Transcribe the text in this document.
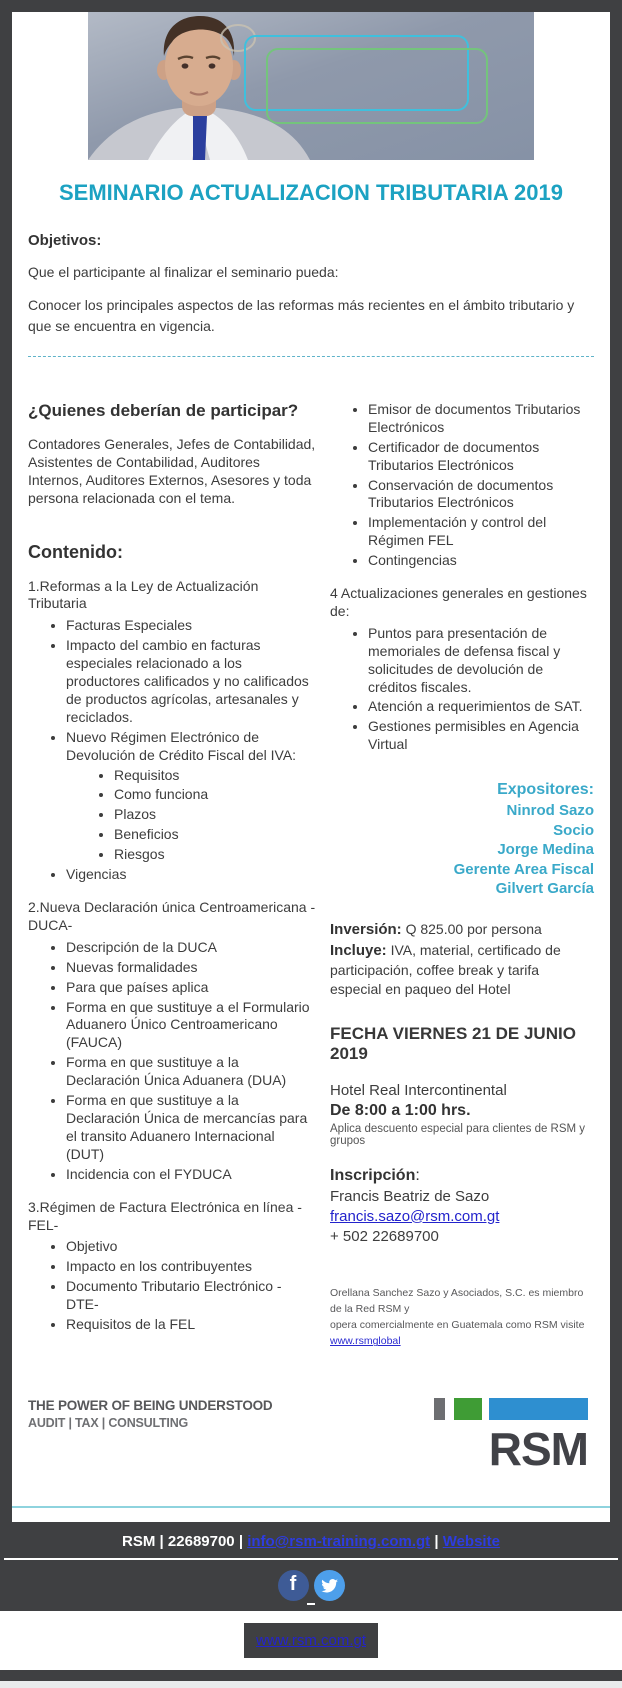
SEMINARIO ACTUALIZACION TRIBUTARIA 2019
Objetivos:
Que el participante al finalizar el seminario pueda:
Conocer los principales aspectos de las reformas más recientes en el ámbito tributario y que se encuentra en vigencia.
¿Quienes deberían de participar?
Contadores Generales, Jefes de Contabilidad, Asistentes de Contabilidad, Auditores Internos, Auditores Externos, Asesores y toda persona relacionada con el tema.
Contenido:
1.Reformas a la Ley de Actualización Tributaria
• Facturas Especiales
• Impacto del cambio en facturas especiales relacionado a los productores calificados y no calificados de productos agrícolas, artesanales y reciclados.
• Nuevo Régimen Electrónico de Devolución de Crédito Fiscal del IVA:
• Requisitos
• Como funciona
• Plazos
• Beneficios
• Riesgos
• Vigencias
2.Nueva Declaración única Centroamericana - DUCA-
• Descripción de la DUCA
• Nuevas formalidades
• Para que países aplica
• Forma en que sustituye a el Formulario Aduanero Único Centroamericano (FAUCA)
• Forma en que sustituye a la Declaración Única Aduanera (DUA)
• Forma en que sustituye a la Declaración Única de mercancías para el transito Aduanero Internacional (DUT)
• Incidencia con el FYDUCA
3.Régimen de Factura Electrónica en línea -FEL-
• Objetivo
• Impacto en los contribuyentes
• Documento Tributario Electrónico - DTE-
• Requisitos de la FEL
• Emisor de documentos Tributarios Electrónicos
• Certificador de documentos Tributarios Electrónicos
• Conservación de documentos Tributarios Electrónicos
• Implementación y control del Régimen FEL
• Contingencias
4 Actualizaciones generales en gestiones de:
• Puntos para presentación de memoriales de defensa fiscal y solicitudes de devolución de créditos fiscales.
• Atención a requerimientos de SAT.
• Gestiones permisibles en Agencia Virtual
Expositores:
Ninrod Sazo
Socio
Jorge Medina
Gerente Area Fiscal
Gilvert García
Inversión: Q 825.00 por persona
Incluye: IVA, material, certificado de participación, coffee break y tarifa especial en paqueo del Hotel
FECHA VIERNES 21 DE JUNIO 2019
Hotel Real Intercontinental
De 8:00 a 1:00 hrs.
Aplica descuento especial para clientes de RSM y grupos
Inscripción:
Francis Beatriz de Sazo
francis.sazo@rsm.com.gt
+ 502 22689700
Orellana Sanchez Sazo y Asociados, S.C. es miembro de la Red RSM y
opera comercialmente en Guatemala como RSM visite www.rsmglobal
THE POWER OF BEING UNDERSTOOD
AUDIT | TAX | CONSULTING	RSM
RSM | 22689700 | info@rsm-training.com.gt | Website
f
www.rsm.com.gt
